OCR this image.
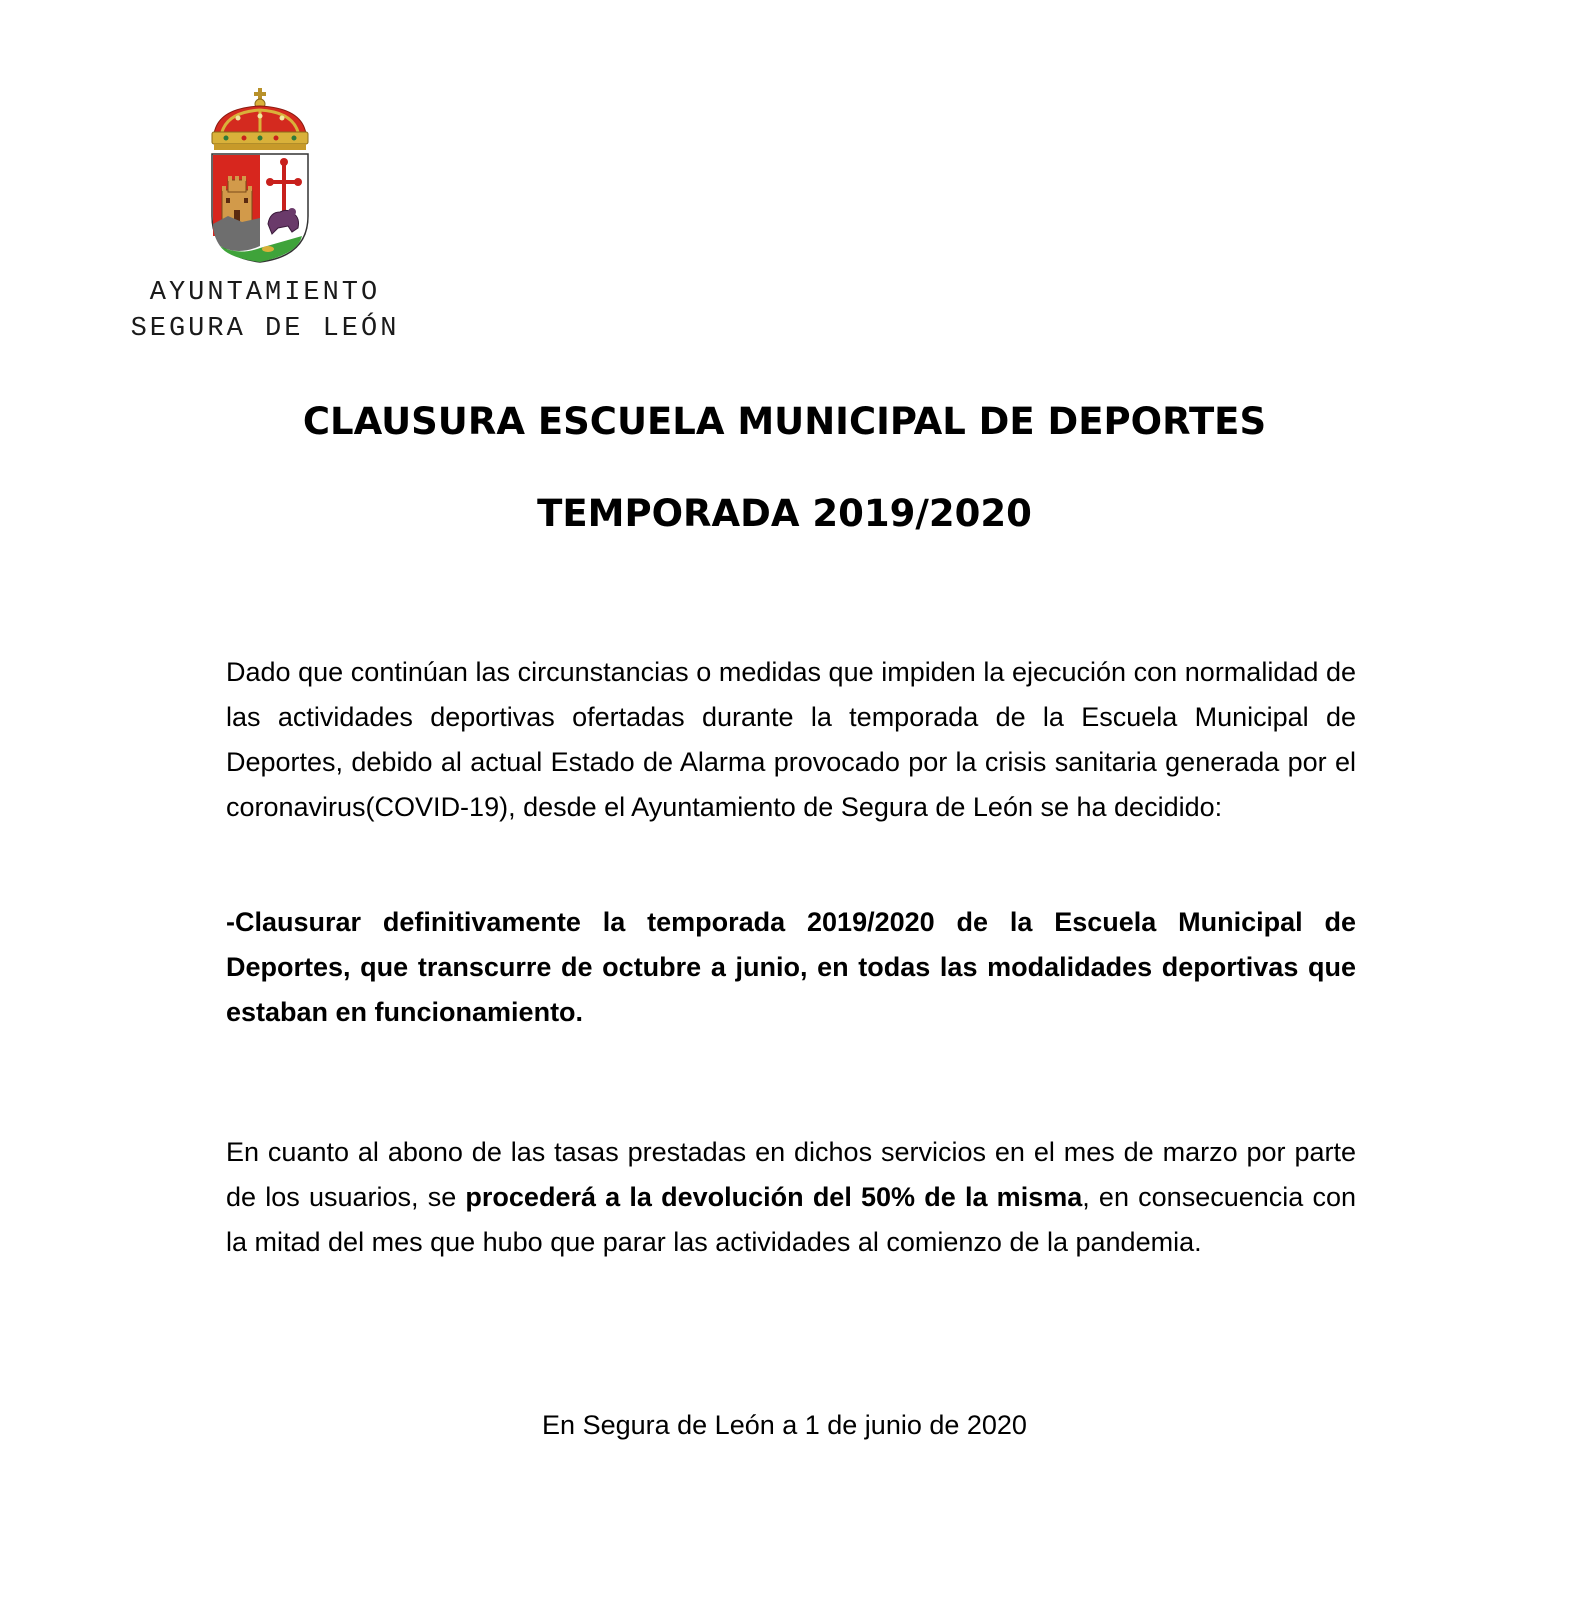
AYUNTAMIENTO
SEGURA DE LEÓN
CLAUSURA ESCUELA MUNICIPAL DE DEPORTES
TEMPORADA 2019/2020

Dado que continúan las circunstancias o medidas que impiden la ejecución con normalidad de las actividades deportivas ofertadas durante la temporada de la Escuela Municipal de Deportes, debido al actual Estado de Alarma provocado por la crisis sanitaria generada por el coronavirus(COVID-19), desde el Ayuntamiento de Segura de León se ha decidido:

-Clausurar definitivamente la temporada 2019/2020 de la Escuela Municipal de Deportes, que transcurre de octubre a junio, en todas las modalidades deportivas que estaban en funcionamiento.

En cuanto al abono de las tasas prestadas en dichos servicios en el mes de marzo por parte de los usuarios, se procederá a la devolución del 50% de la misma, en consecuencia con la mitad del mes que hubo que parar las actividades al comienzo de la pandemia.

En Segura de León a 1 de junio de 2020
